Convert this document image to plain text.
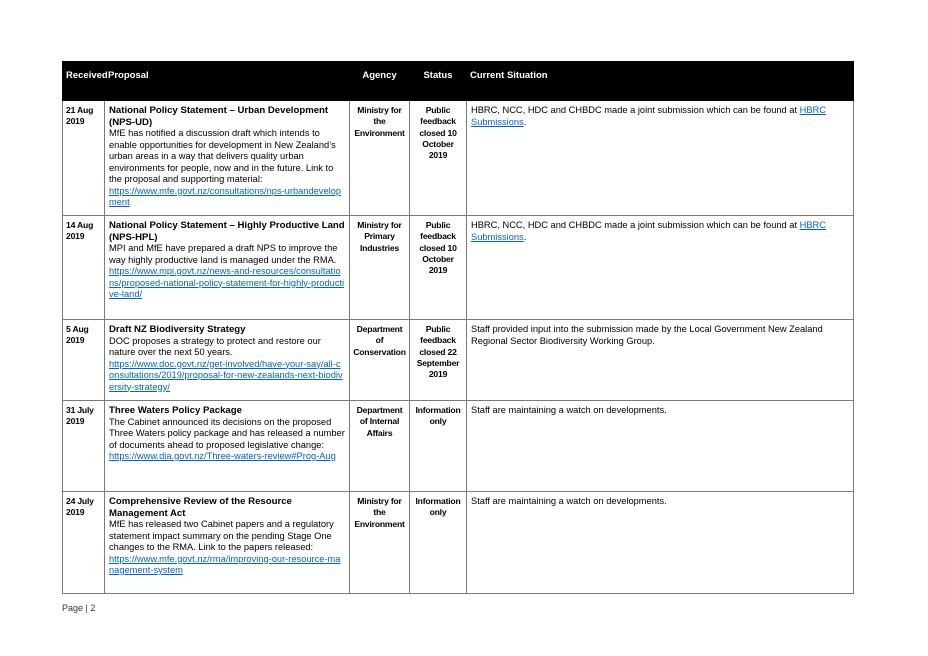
Received	Proposal	Agency	Status	Current Situation
21 Aug 2019	National Policy Statement – Urban Development (NPS-UD)
MfE has notified a discussion draft which intends to enable opportunities for development in New Zealand’s urban areas in a way that delivers quality urban environments for people, now and in the future. Link to the proposal and supporting material:
https://www.mfe.govt.nz/consultations/nps-urbandevelopment	Ministry for the Environment	Public feedback closed 10 October 2019	HBRC, NCC, HDC and CHBDC made a joint submission which can be found at HBRC Submissions.
14 Aug 2019	National Policy Statement – Highly Productive Land (NPS-HPL)
MPI and MfE have prepared a draft NPS to improve the way highly productive land is managed under the RMA.
https://www.mpi.govt.nz/news-and-resources/consultations/proposed-national-policy-statement-for-highly-productive-land/	Ministry for Primary Industries	Public feedback closed 10 October 2019	HBRC, NCC, HDC and CHBDC made a joint submission which can be found at HBRC Submissions.
5 Aug 2019	Draft NZ Biodiversity Strategy
DOC proposes a strategy to protect and restore our nature over the next 50 years.
https://www.doc.govt.nz/get-involved/have-your-say/all-consultations/2019/proposal-for-new-zealands-next-biodiversity-strategy/	Department of Conservation	Public feedback closed 22 September 2019	Staff provided input into the submission made by the Local Government New Zealand Regional Sector Biodiversity Working Group.
31 July 2019	Three Waters Policy Package
The Cabinet announced its decisions on the proposed Three Waters policy package and has released a number of documents ahead to proposed legislative change:
https://www.dia.govt.nz/Three-waters-review#Prog-Aug	Department of Internal Affairs	Information only	Staff are maintaining a watch on developments.
24 July 2019	Comprehensive Review of the Resource Management Act
MfE has released two Cabinet papers and a regulatory statement impact summary on the pending Stage One changes to the RMA. Link to the papers released:
https://www.mfe.govt.nz/rma/improving-our-resource-management-system	Ministry for the Environment	Information only	Staff are maintaining a watch on developments.
Page | 2
